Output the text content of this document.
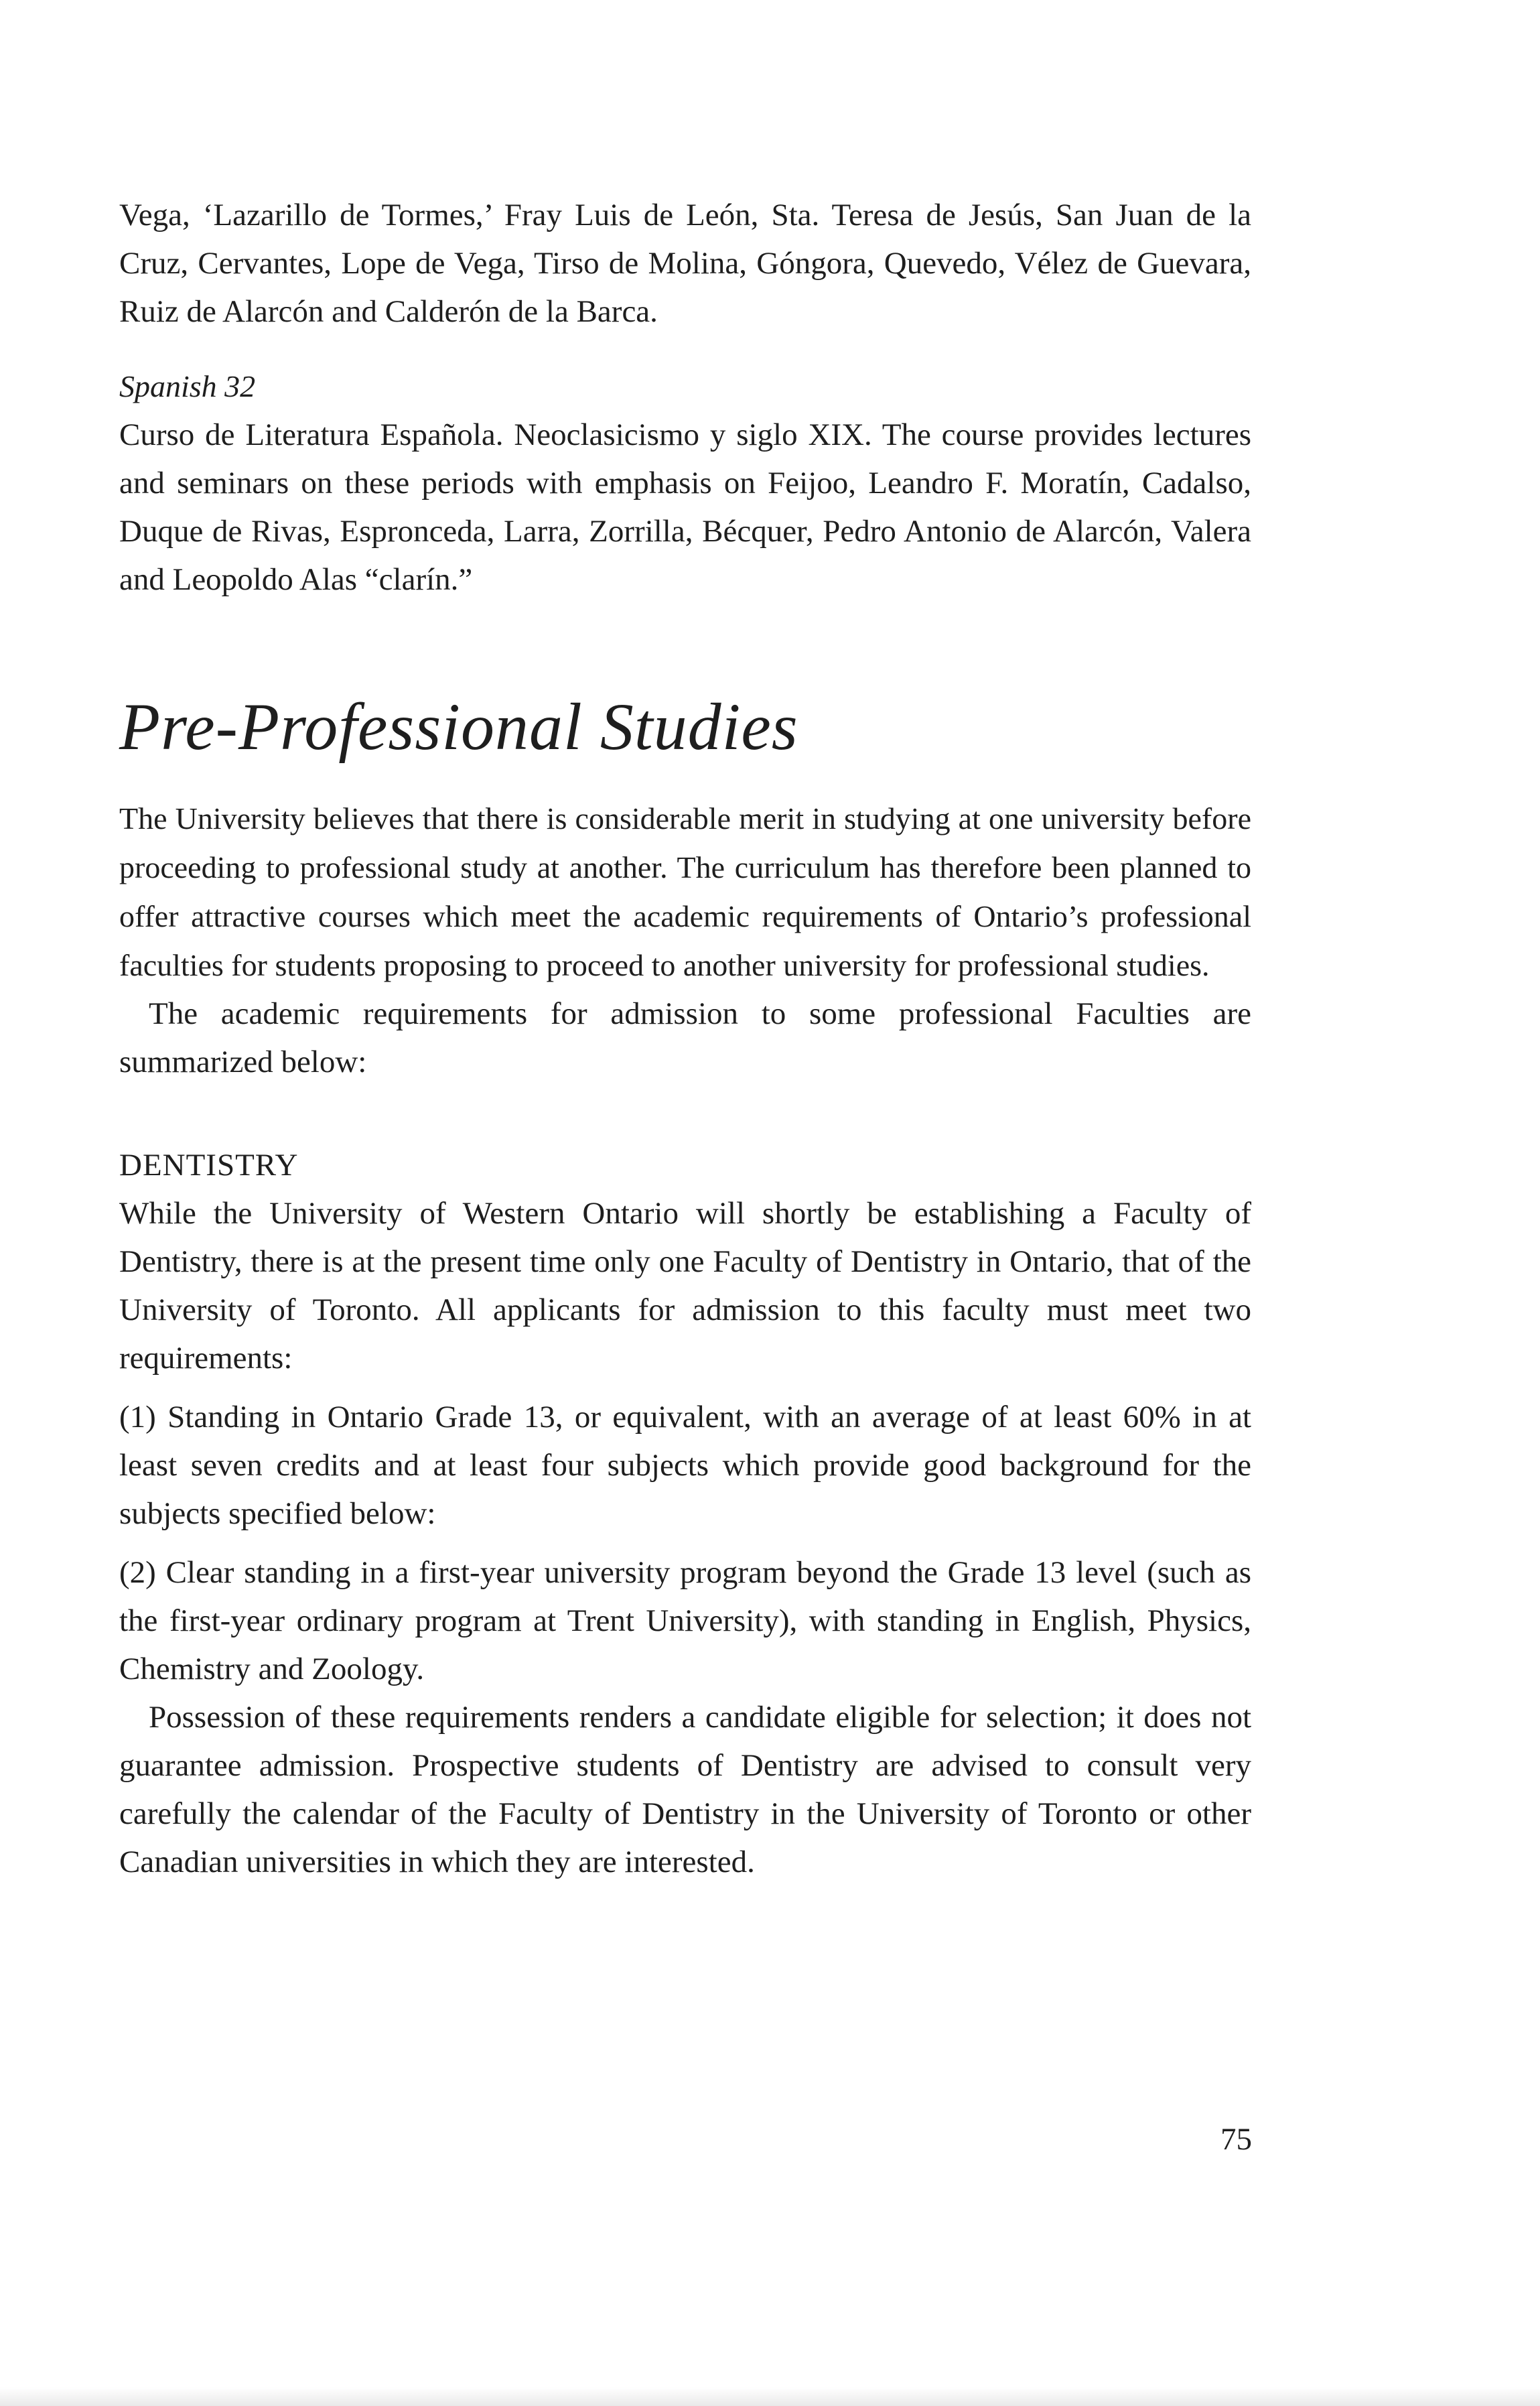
Vega, ‘Lazarillo de Tormes,’ Fray Luis de León, Sta. Teresa de Jesús, San Juan de la Cruz, Cervantes, Lope de Vega, Tirso de Molina, Góngora, Quevedo, Vélez de Guevara, Ruiz de Alarcón and Calderón de la Barca.

Spanish 32

Curso de Literatura Española. Neoclasicismo y siglo XIX. The course provides lectures and seminars on these periods with emphasis on Feijoo, Leandro F. Moratín, Cadalso, Duque de Rivas, Espronceda, Larra, Zorrilla, Bécquer, Pedro Antonio de Alarcón, Valera and Leopoldo Alas “clarín.”

Pre-Professional Studies

The University believes that there is considerable merit in studying at one university before proceeding to professional study at another. The curriculum has therefore been planned to offer attractive courses which meet the academic requirements of Ontario’s professional faculties for students proposing to proceed to another university for professional studies.

The academic requirements for admission to some professional Faculties are summarized below:

DENTISTRY

While the University of Western Ontario will shortly be establishing a Faculty of Dentistry, there is at the present time only one Faculty of Dentistry in Ontario, that of the University of Toronto. All applicants for admission to this faculty must meet two requirements:

(1) Standing in Ontario Grade 13, or equivalent, with an average of at least 60% in at least seven credits and at least four subjects which provide good background for the subjects specified below:

(2) Clear standing in a first-year university program beyond the Grade 13 level (such as the first-year ordinary program at Trent University), with standing in English, Physics, Chemistry and Zoology.

Possession of these requirements renders a candidate eligible for selection; it does not guarantee admission. Prospective students of Dentistry are advised to consult very carefully the calendar of the Faculty of Dentistry in the University of Toronto or other Canadian universities in which they are interested.

75
